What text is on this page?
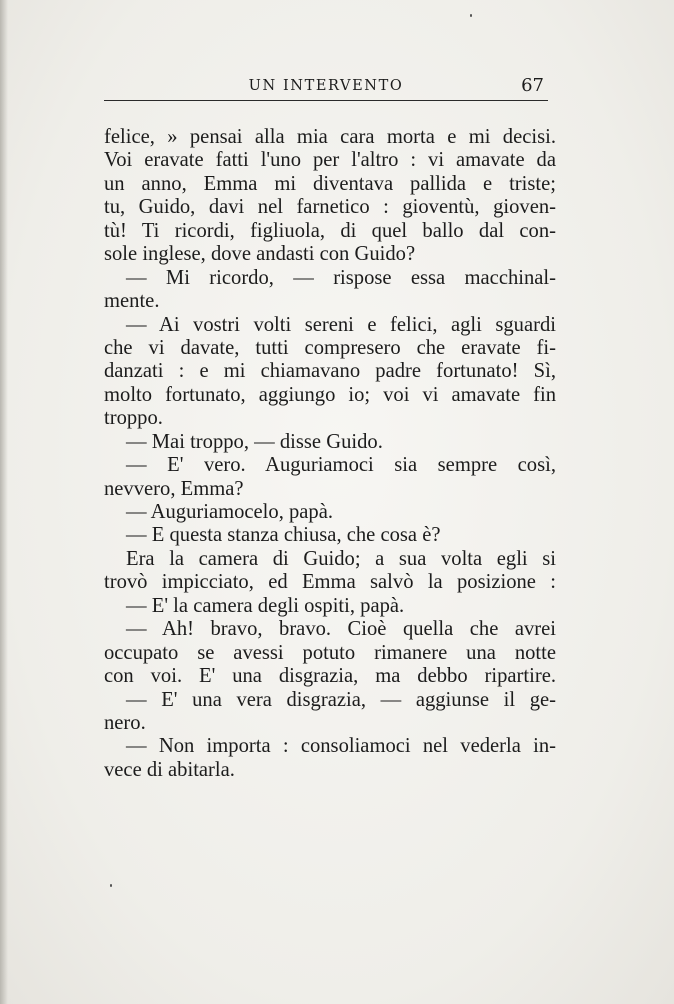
UN INTERVENTO	67
felice, » pensai alla mia cara morta e mi decisi.
Voi eravate fatti l'uno per l'altro : vi amavate da
un anno, Emma mi diventava pallida e triste;
tu, Guido, davi nel farnetico : gioventù, gioven-
tù! Ti ricordi, figliuola, di quel ballo dal con-
sole inglese, dove andasti con Guido?
— Mi ricordo, — rispose essa macchinal-
mente.
— Ai vostri volti sereni e felici, agli sguardi
che vi davate, tutti compresero che eravate fi-
danzati : e mi chiamavano padre fortunato! Sì,
molto fortunato, aggiungo io; voi vi amavate fin
troppo.
— Mai troppo, — disse Guido.
— E' vero. Auguriamoci sia sempre così,
nevvero, Emma?
— Auguriamocelo, papà.
— E questa stanza chiusa, che cosa è?
Era la camera di Guido; a sua volta egli si
trovò impicciato, ed Emma salvò la posizione :
— E' la camera degli ospiti, papà.
— Ah! bravo, bravo. Cioè quella che avrei
occupato se avessi potuto rimanere una notte
con voi. E' una disgrazia, ma debbo ripartire.
— E' una vera disgrazia, — aggiunse il ge-
nero.
— Non importa : consoliamoci nel vederla in-
vece di abitarla.
